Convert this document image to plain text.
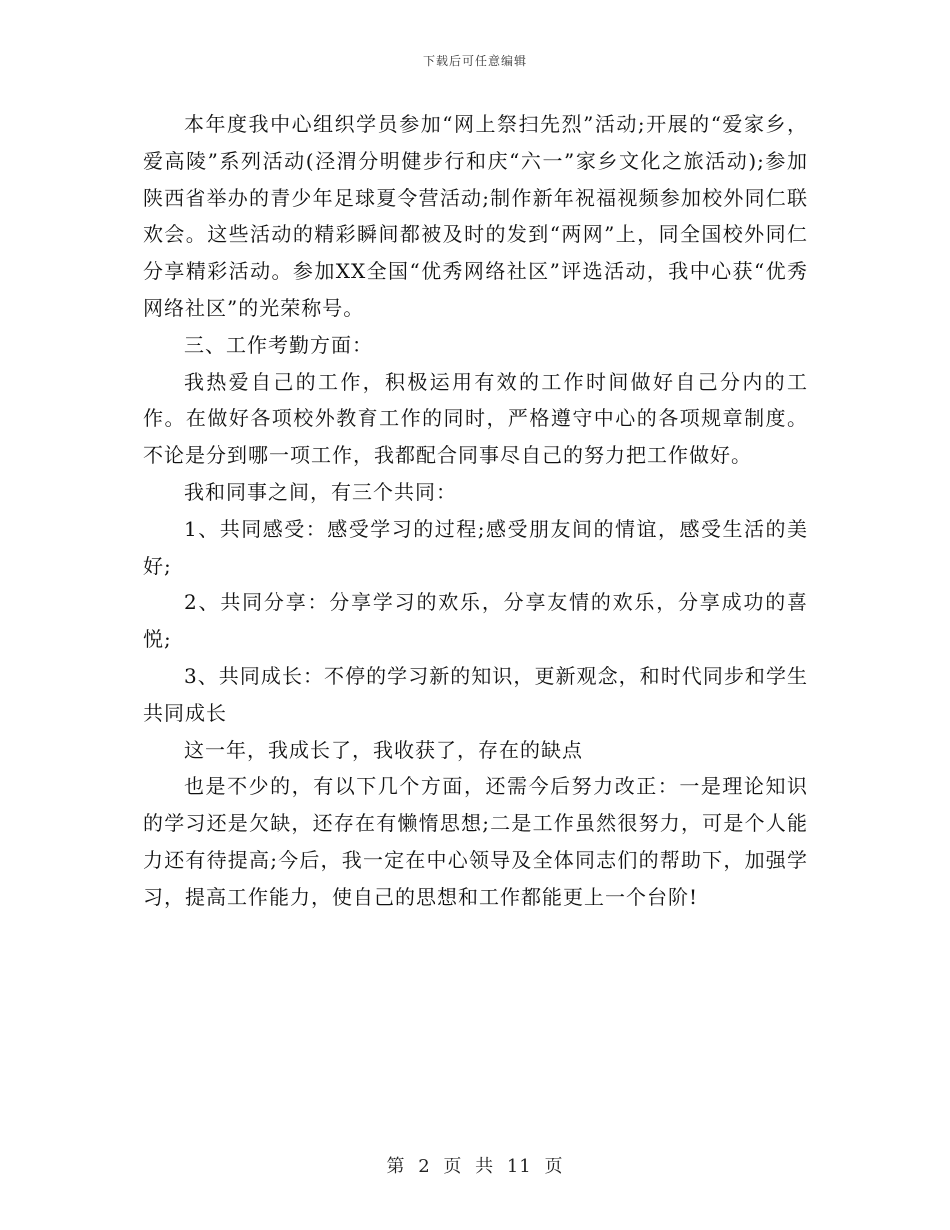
下载后可任意编辑

本年度我中心组织学员参加“网上祭扫先烈”活动;开展的“爱家乡，爱高陵”系列活动(泾渭分明健步行和庆“六一”家乡文化之旅活动);参加陕西省举办的青少年足球夏令营活动;制作新年祝福视频参加校外同仁联欢会。这些活动的精彩瞬间都被及时的发到“两网”上，同全国校外同仁分享精彩活动。参加XX全国“优秀网络社区”评选活动，我中心获“优秀网络社区”的光荣称号。

三、工作考勤方面：

我热爱自己的工作，积极运用有效的工作时间做好自己分内的工作。在做好各项校外教育工作的同时，严格遵守中心的各项规章制度。不论是分到哪一项工作，我都配合同事尽自己的努力把工作做好。

我和同事之间，有三个共同：

1、共同感受：感受学习的过程;感受朋友间的情谊，感受生活的美好;

2、共同分享：分享学习的欢乐，分享友情的欢乐，分享成功的喜悦;

3、共同成长：不停的学习新的知识，更新观念，和时代同步和学生共同成长

这一年，我成长了，我收获了，存在的缺点

也是不少的，有以下几个方面，还需今后努力改正：一是理论知识的学习还是欠缺，还存在有懒惰思想;二是工作虽然很努力，可是个人能力还有待提高;今后，我一定在中心领导及全体同志们的帮助下，加强学习，提高工作能力，使自己的思想和工作都能更上一个台阶!

第 2 页 共 11 页
